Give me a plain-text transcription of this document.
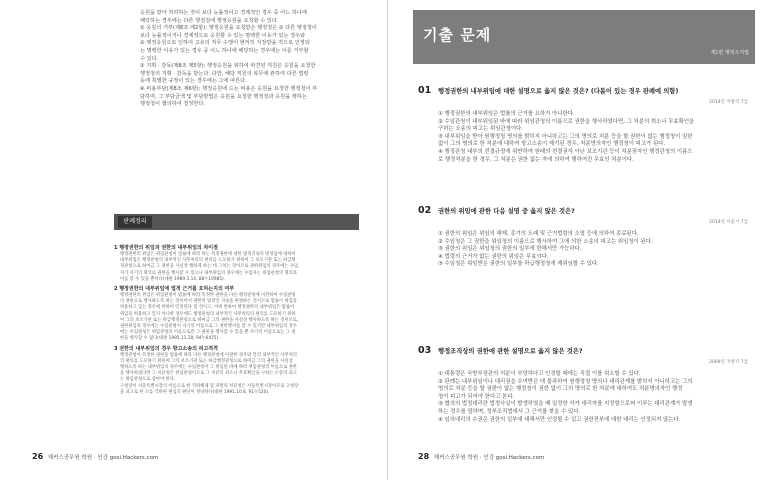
응원을 받아 처리하는 것이 보다 능률적이고 경제적인 경우 중 어느 하나에

해당하는 경우에는 다른 행정청에 행정응원을 요청할 수 있다.

② 응원의 거부(제8조 제2항): 행정응원을 요청받은 행정청은 ① 다른 행정청이

보다 능률적이거나 경제적으로 응원할 수 있는 명백한 이유가 있는 경우와

② 행정응원으로 인하여 고유의 직무 수행이 현저히 지장받을 것으로 인정되

는 명백한 이유가 있는 경우 중 어느 하나에 해당하는 경우에는 이를 거부할

수 있다.

③ 지휘 · 감독(제8조 제5항): 행정응원을 위하여 파견된 직원은 응원을 요청한

행정청의 지휘 · 감독을 받는다. 다만, 해당 직원의 복무에 관하여 다른 법령

등에 특별한 규정이 있는 경우에는 그에 따른다.

④ 비용부담(제8조 제6항): 행정응원에 드는 비용은 응원을 요청한 행정청이 부

담하며, 그 부담금액 및 부담방법은 응원을 요청한 행정청과 응원을 행하는

행정청이 협의하여 결정한다.

판례정리

1 행정권한의 위임과 권한의 내부위임의 차이점

행정권한의 위임은 위임관청이 법률에 따라 하는 특정권한에 대한 법정귀속의 변경임에 대하여

내부위임은 행정관청의 내부적인 사무처리의 편의를 도모하기 위하여 그 보조기관 또는 하급행

정관청으로 하여금 그 권한을 사실상 행하게 하는 데 그치는 것이므로 권한위임의 경우에는 수임

자가 자기의 명의로 권한을 행사할 수 있으나 내부위임의 경우에는 수임자는 위임관청의 명의로

이를 할 수 있을 뿐이다(대판 1989.3.14, 88누10985).

2 행정권한의 내부위임에 법적 근거를 요하는지의 여부

행정권한의 위임은 위임관청이 법률에 따라 특정한 권한을 다른 행정관청에 이전하여 수임관청

의 권한으로 행사하도록 하는 것이어서 권한의 법적인 귀속을 변경하는 것이므로 법률이 위임을

허용하고 있는 경우에 한하여 인정된다 할 것이고, 이에 반하여 행정권한의 내부위임은 법률이

위임을 허용하고 있지 아니한 경우에도 행정관청의 내부적인 사무처리의 편의를 도모하기 위하

여 그의 보조기관 또는 하급행정관청으로 하여금 그의 권한을 사실상 행사하도록 하는 것이므로,

권한위임의 경우에는 수임관청이 자기의 이름으로 그 권한행사를 할 수 있지만 내부위임의 경우

에는 수임관청은 위임관청의 이름으로만 그 권한을 행사할 수 있을 뿐 자기의 이름으로는 그 권

한을 행사할 수 없다(대판 1995.11.28, 94누6475).

3 권한의 내부위임의 경우 항고소송의 피고적격

행정관청이 특정한 권한을 법률에 따라 다른 행정관청에 이관한 경우와 달리 내부적인 사무처리

의 편의를 도모하기 위하여 그의 보조기관 또는 하급행정관청으로 하여금 그의 권한을 사실상

행하도록 하는 내부위임의 경우에는 수임관청이 그 위임된 바에 따라 위임관청의 이름으로 권한

을 행사하였다면 그 처분청은 위임관청이므로 그 처분의 취소나 무효확인을 구하는 소송의 피고

는 위임관청으로 삼아야 한다.

구청장이 서울특별시장의 이름으로 한 직위해제 및 파면의 처분청은 서울특별시장이므로 구청장

을 피고로 한 소를 각하한 원심의 판단이 정당하다(대판 1991.10.8, 91누520).

26 해커스공무원 학원 · 인강 gosi.Hackers.com
기출 문제
제1편 행정조직법
01 행정권한의 내부위임에 대한 설명으로 옳지 않은 것은? (다툼이 있는 경우 판례에 의함)
2014년 지방직 7급

① 행정권한의 내부위임은 법률의 근거를 요하지 아니한다.

② 수임관청이 내부위임된 바에 따라 위임관청의 이름으로 권한을 행사하였다면, 그 처분의 취소나 무효확인을

구하는 소송의 피고는 위임관청이다.

③ 내부위임을 받아 원행정청 명의를 밝히지 아니하고는 그의 명의로 처분 등을 할 권한이 없는 행정청이 권한

없이 그의 명의로 한 처분에 대하여 항고소송이 제기된 경우, 처분명의자인 행정청이 피고가 된다.

④ 행정관청 내부의 전결규정에 위반하여 원래의 전결권자 아닌 보조기관 등이 처분권자인 행정관청의 이름으

로 행정처분을 한 경우, 그 처분은 권한 없는 자에 의하여 행하여진 무효인 처분이다.

02 권한의 위임에 관한 다음 설명 중 옳지 않은 것은?
2014년 서울시 7급

① 권한의 위임은 위임의 해제, 종기의 도래 및 근거법령의 소멸 등에 의하여 종료된다.

② 수임청은 그 권한을 위임청의 이름으로 행사하여 그에 의한 소송의 피고는 위임청이 된다.

③ 권한의 위임은 위임청의 권한의 일부에 한해서만 가능하다.

④ 법령의 근거가 없는 권한의 위임은 무효이다.

⑤ 수임청은 위임받은 권한의 일부를 하급행정청에 재위임할 수 있다.

03 행정조직상의 권한에 관한 설명으로 옳지 않은 것은?
2009년 지방직 7급

① 대통령은 국방부장관의 처분이 부당하다고 인정할 때에는 직접 이를 취소할 수 있다.

② 판례는 내부위임이나 대리권을 수여받은 데 불과하여 원행정청 명의나 대리관계를 밝히지 아니하고는 그의

명의로 처분 등을 할 권한이 없는 행정청이 권한 없이 그의 명의로 한 처분에 대하여도 처분명의자인 행정

청이 피고가 되어야 한다고 본다.

③ 협의의 법정대리란 법정사실이 발생하였을 때 일정한 자가 대리자를 지정함으로써 이루는 대리관계가 발생

하는 경우를 말하며, 정부조직법에서 그 근거를 찾을 수 있다.

④ 임의대리의 수권은 권한의 일부에 대해서만 인정될 수 있고 권한전부에 대한 대리는 인정되지 않는다.

28 해커스공무원 학원 · 인강 gosi.Hackers.com
